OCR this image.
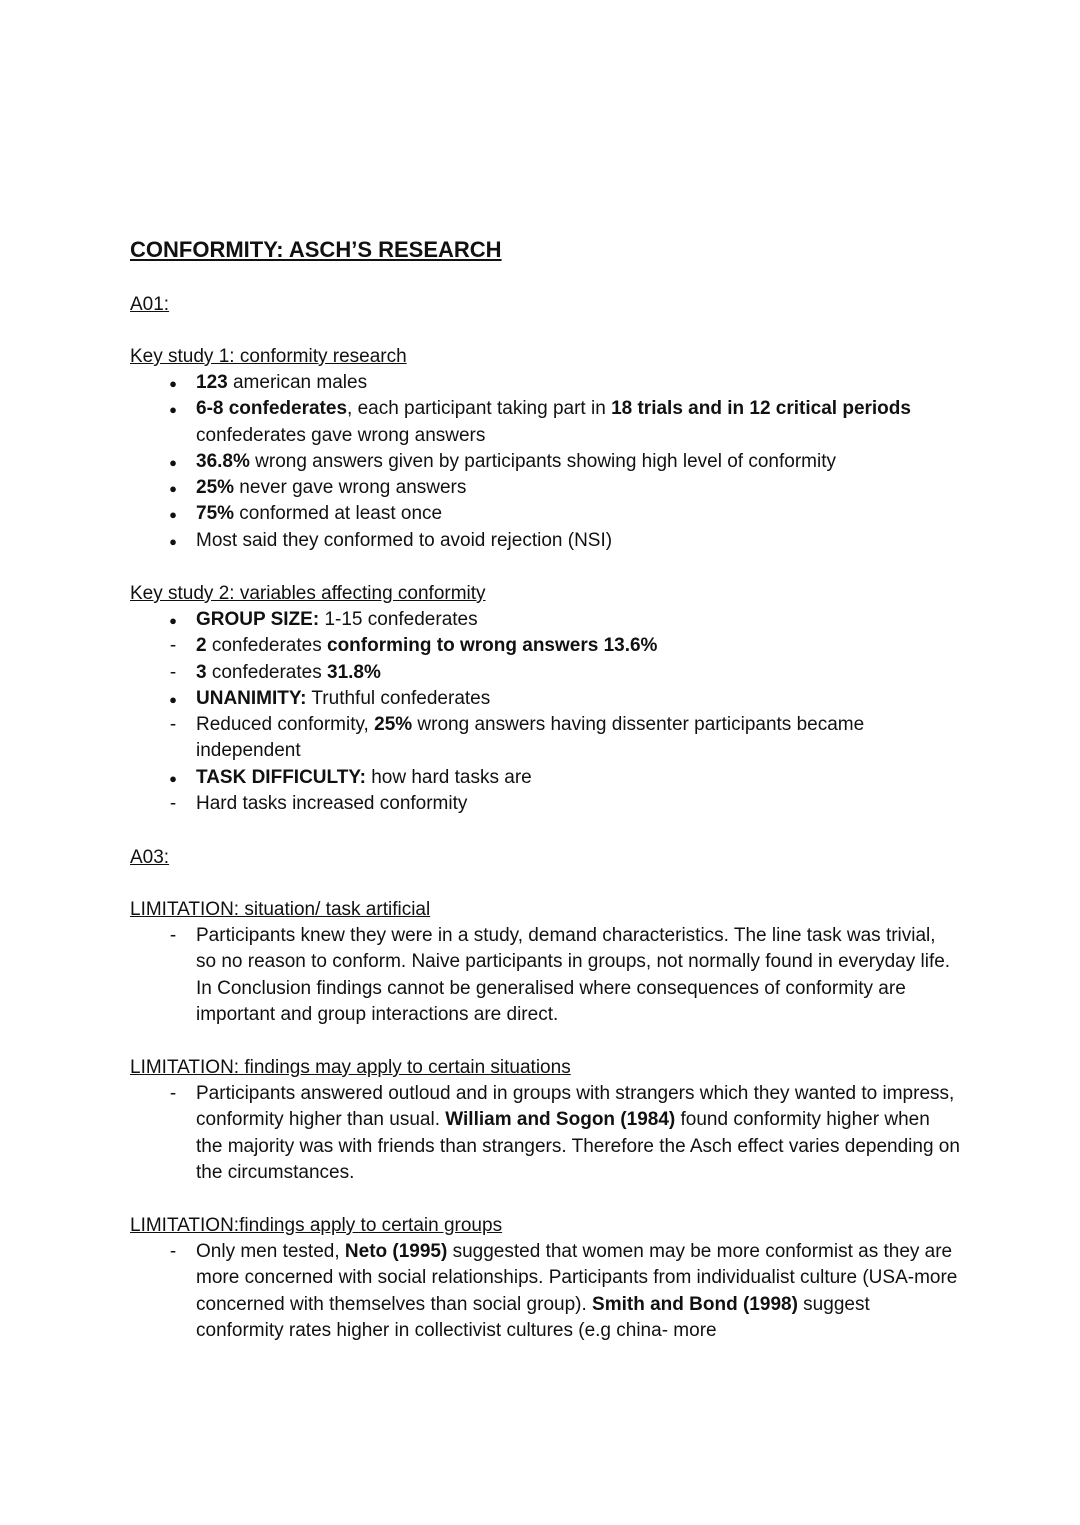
CONFORMITY: ASCH’S RESEARCH
A01:
Key study 1: conformity research
●
123 american males
●
6-8 confederates, each participant taking part in 18 trials and in 12 critical periods confederates gave wrong answers
●
36.8% wrong answers given by participants showing high level of conformity
●
25% never gave wrong answers
●
75% conformed at least once
●
Most said they conformed to avoid rejection (NSI)
Key study 2: variables affecting conformity
●
GROUP SIZE: 1-15 confederates
-
2 confederates conforming to wrong answers 13.6%
-
3 confederates 31.8%
●
UNANIMITY: Truthful confederates
-
Reduced conformity, 25% wrong answers having dissenter participants became independent
●
TASK DIFFICULTY: how hard tasks are
-
Hard tasks increased conformity
A03:
LIMITATION: situation/ task artificial
-
Participants knew they were in a study, demand characteristics. The line task was trivial, so no reason to conform. Naive participants in groups, not normally found in everyday life. In Conclusion findings cannot be generalised where consequences of conformity are important and group interactions are direct.
LIMITATION: findings may apply to certain situations
-
Participants answered outloud and in groups with strangers which they wanted to impress, conformity higher than usual. William and Sogon (1984) found conformity higher when the majority was with friends than strangers. Therefore the Asch effect varies depending on the circumstances.
LIMITATION:findings apply to certain groups
-
Only men tested, Neto (1995) suggested that women may be more conformist as they are more concerned with social relationships. Participants from individualist culture (USA-more concerned with themselves than social group). Smith and Bond (1998) suggest conformity rates higher in collectivist cultures (e.g china- more
